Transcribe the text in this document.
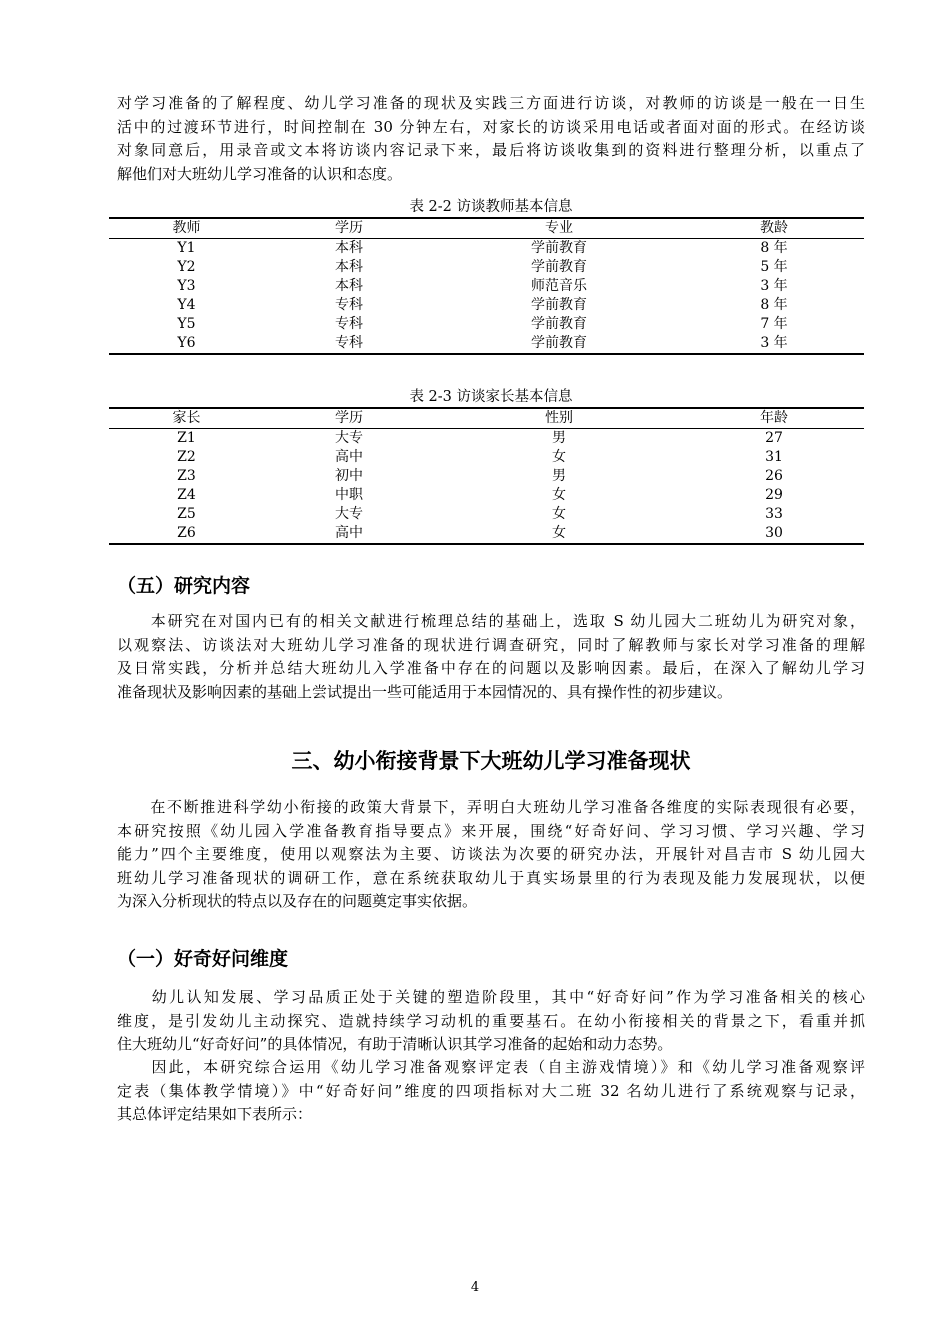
对学习准备的了解程度、幼儿学习准备的现状及实践三方面进行访谈，对教师的访谈是一般在一日生
活中的过渡环节进行，时间控制在 30 分钟左右，对家长的访谈采用电话或者面对面的形式。在经访谈
对象同意后，用录音或文本将访谈内容记录下来，最后将访谈收集到的资料进行整理分析，以重点了
解他们对大班幼儿学习准备的认识和态度。
表 2-2 访谈教师基本信息
教师	学历	专业	教龄
Y1	本科	学前教育	8 年
Y2	本科	学前教育	5 年
Y3	本科	师范音乐	3 年
Y4	专科	学前教育	8 年
Y5	专科	学前教育	7 年
Y6	专科	学前教育	3 年
表 2-3 访谈家长基本信息
家长	学历	性别	年龄
Z1	大专	男	27
Z2	高中	女	31
Z3	初中	男	26
Z4	中职	女	29
Z5	大专	女	33
Z6	高中	女	30
（五）研究内容
　　本研究在对国内已有的相关文献进行梳理总结的基础上，选取 S 幼儿园大二班幼儿为研究对象，
以观察法、访谈法对大班幼儿学习准备的现状进行调查研究，同时了解教师与家长对学习准备的理解
及日常实践，分析并总结大班幼儿入学准备中存在的问题以及影响因素。最后，在深入了解幼儿学习
准备现状及影响因素的基础上尝试提出一些可能适用于本园情况的、具有操作性的初步建议。
三、幼小衔接背景下大班幼儿学习准备现状
　　在不断推进科学幼小衔接的政策大背景下，弄明白大班幼儿学习准备各维度的实际表现很有必要，
本研究按照《幼儿园入学准备教育指导要点》来开展，围绕“好奇好问、学习习惯、学习兴趣、学习
能力”四个主要维度，使用以观察法为主要、访谈法为次要的研究办法，开展针对昌吉市 S 幼儿园大
班幼儿学习准备现状的调研工作，意在系统获取幼儿于真实场景里的行为表现及能力发展现状，以便
为深入分析现状的特点以及存在的问题奠定事实依据。
（一）好奇好问维度
　　幼儿认知发展、学习品质正处于关键的塑造阶段里，其中“好奇好问”作为学习准备相关的核心
维度，是引发幼儿主动探究、造就持续学习动机的重要基石。在幼小衔接相关的背景之下，看重并抓
住大班幼儿“好奇好问”的具体情况，有助于清晰认识其学习准备的起始和动力态势。
　　因此，本研究综合运用《幼儿学习准备观察评定表（自主游戏情境）》和《幼儿学习准备观察评
定表（集体教学情境）》中“好奇好问”维度的四项指标对大二班 32 名幼儿进行了系统观察与记录，
其总体评定结果如下表所示：
4
